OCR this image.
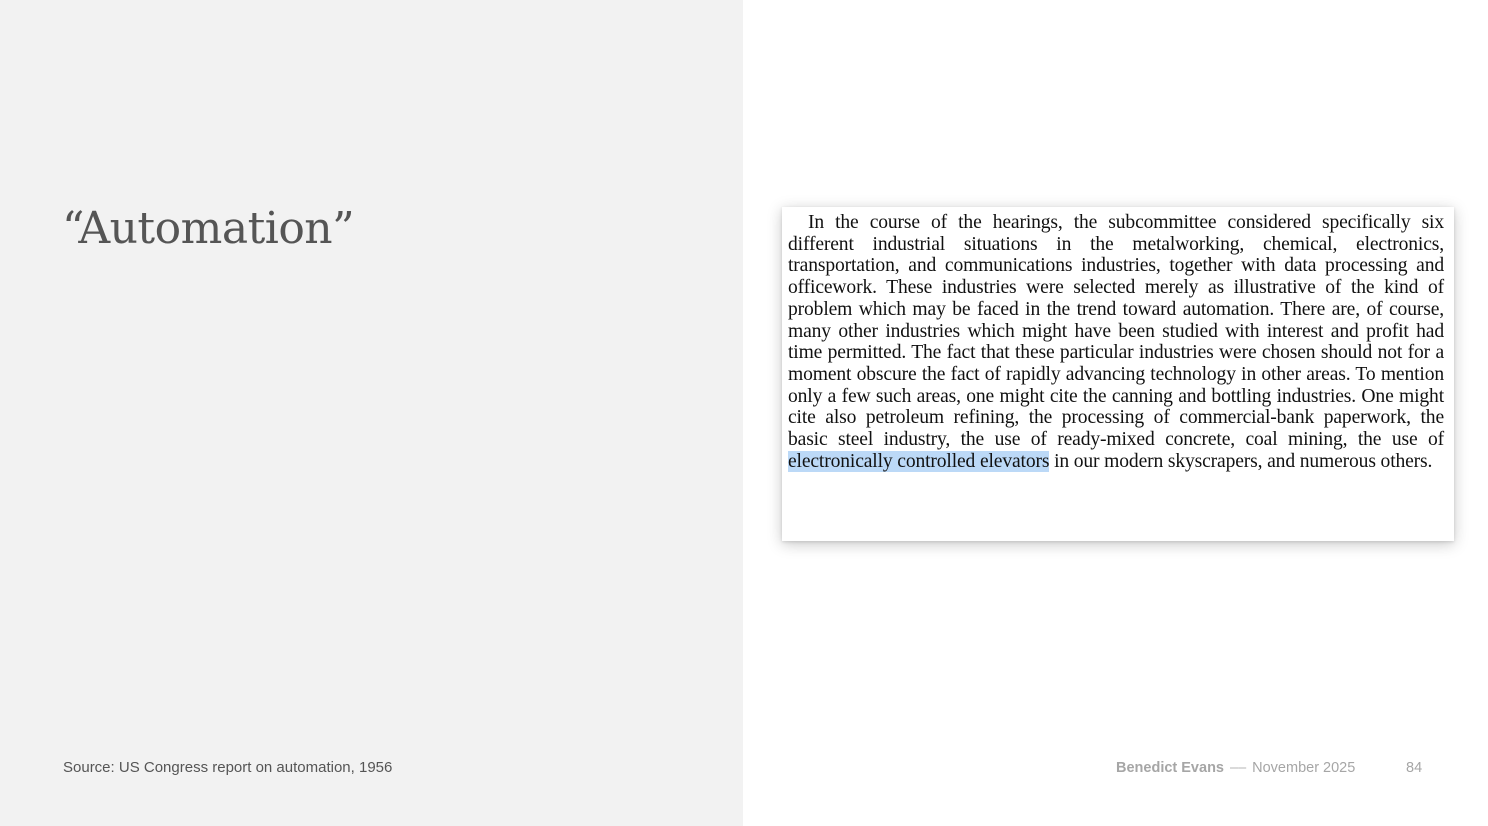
“Automation”
Source: US Congress report on automation, 1956

In the course of the hearings, the subcommittee considered specifically six different industrial situations in the metalworking, chemical, electronics, transportation, and communications industries, together with data processing and officework. These industries were selected merely as illustrative of the kind of problem which may be faced in the trend toward automation. There are, of course, many other industries which might have been studied with interest and profit had time permitted. The fact that these particular industries were chosen should not for a moment obscure the fact of rapidly advancing technology in other areas. To mention only a few such areas, one might cite the canning and bottling industries. One might cite also petroleum refining, the processing of commercial-bank paperwork, the basic steel industry, the use of ready-mixed concrete, coal mining, the use of electronically controlled elevators in our modern skyscrapers, and numerous others.

Benedict Evans –– November 2025	84
